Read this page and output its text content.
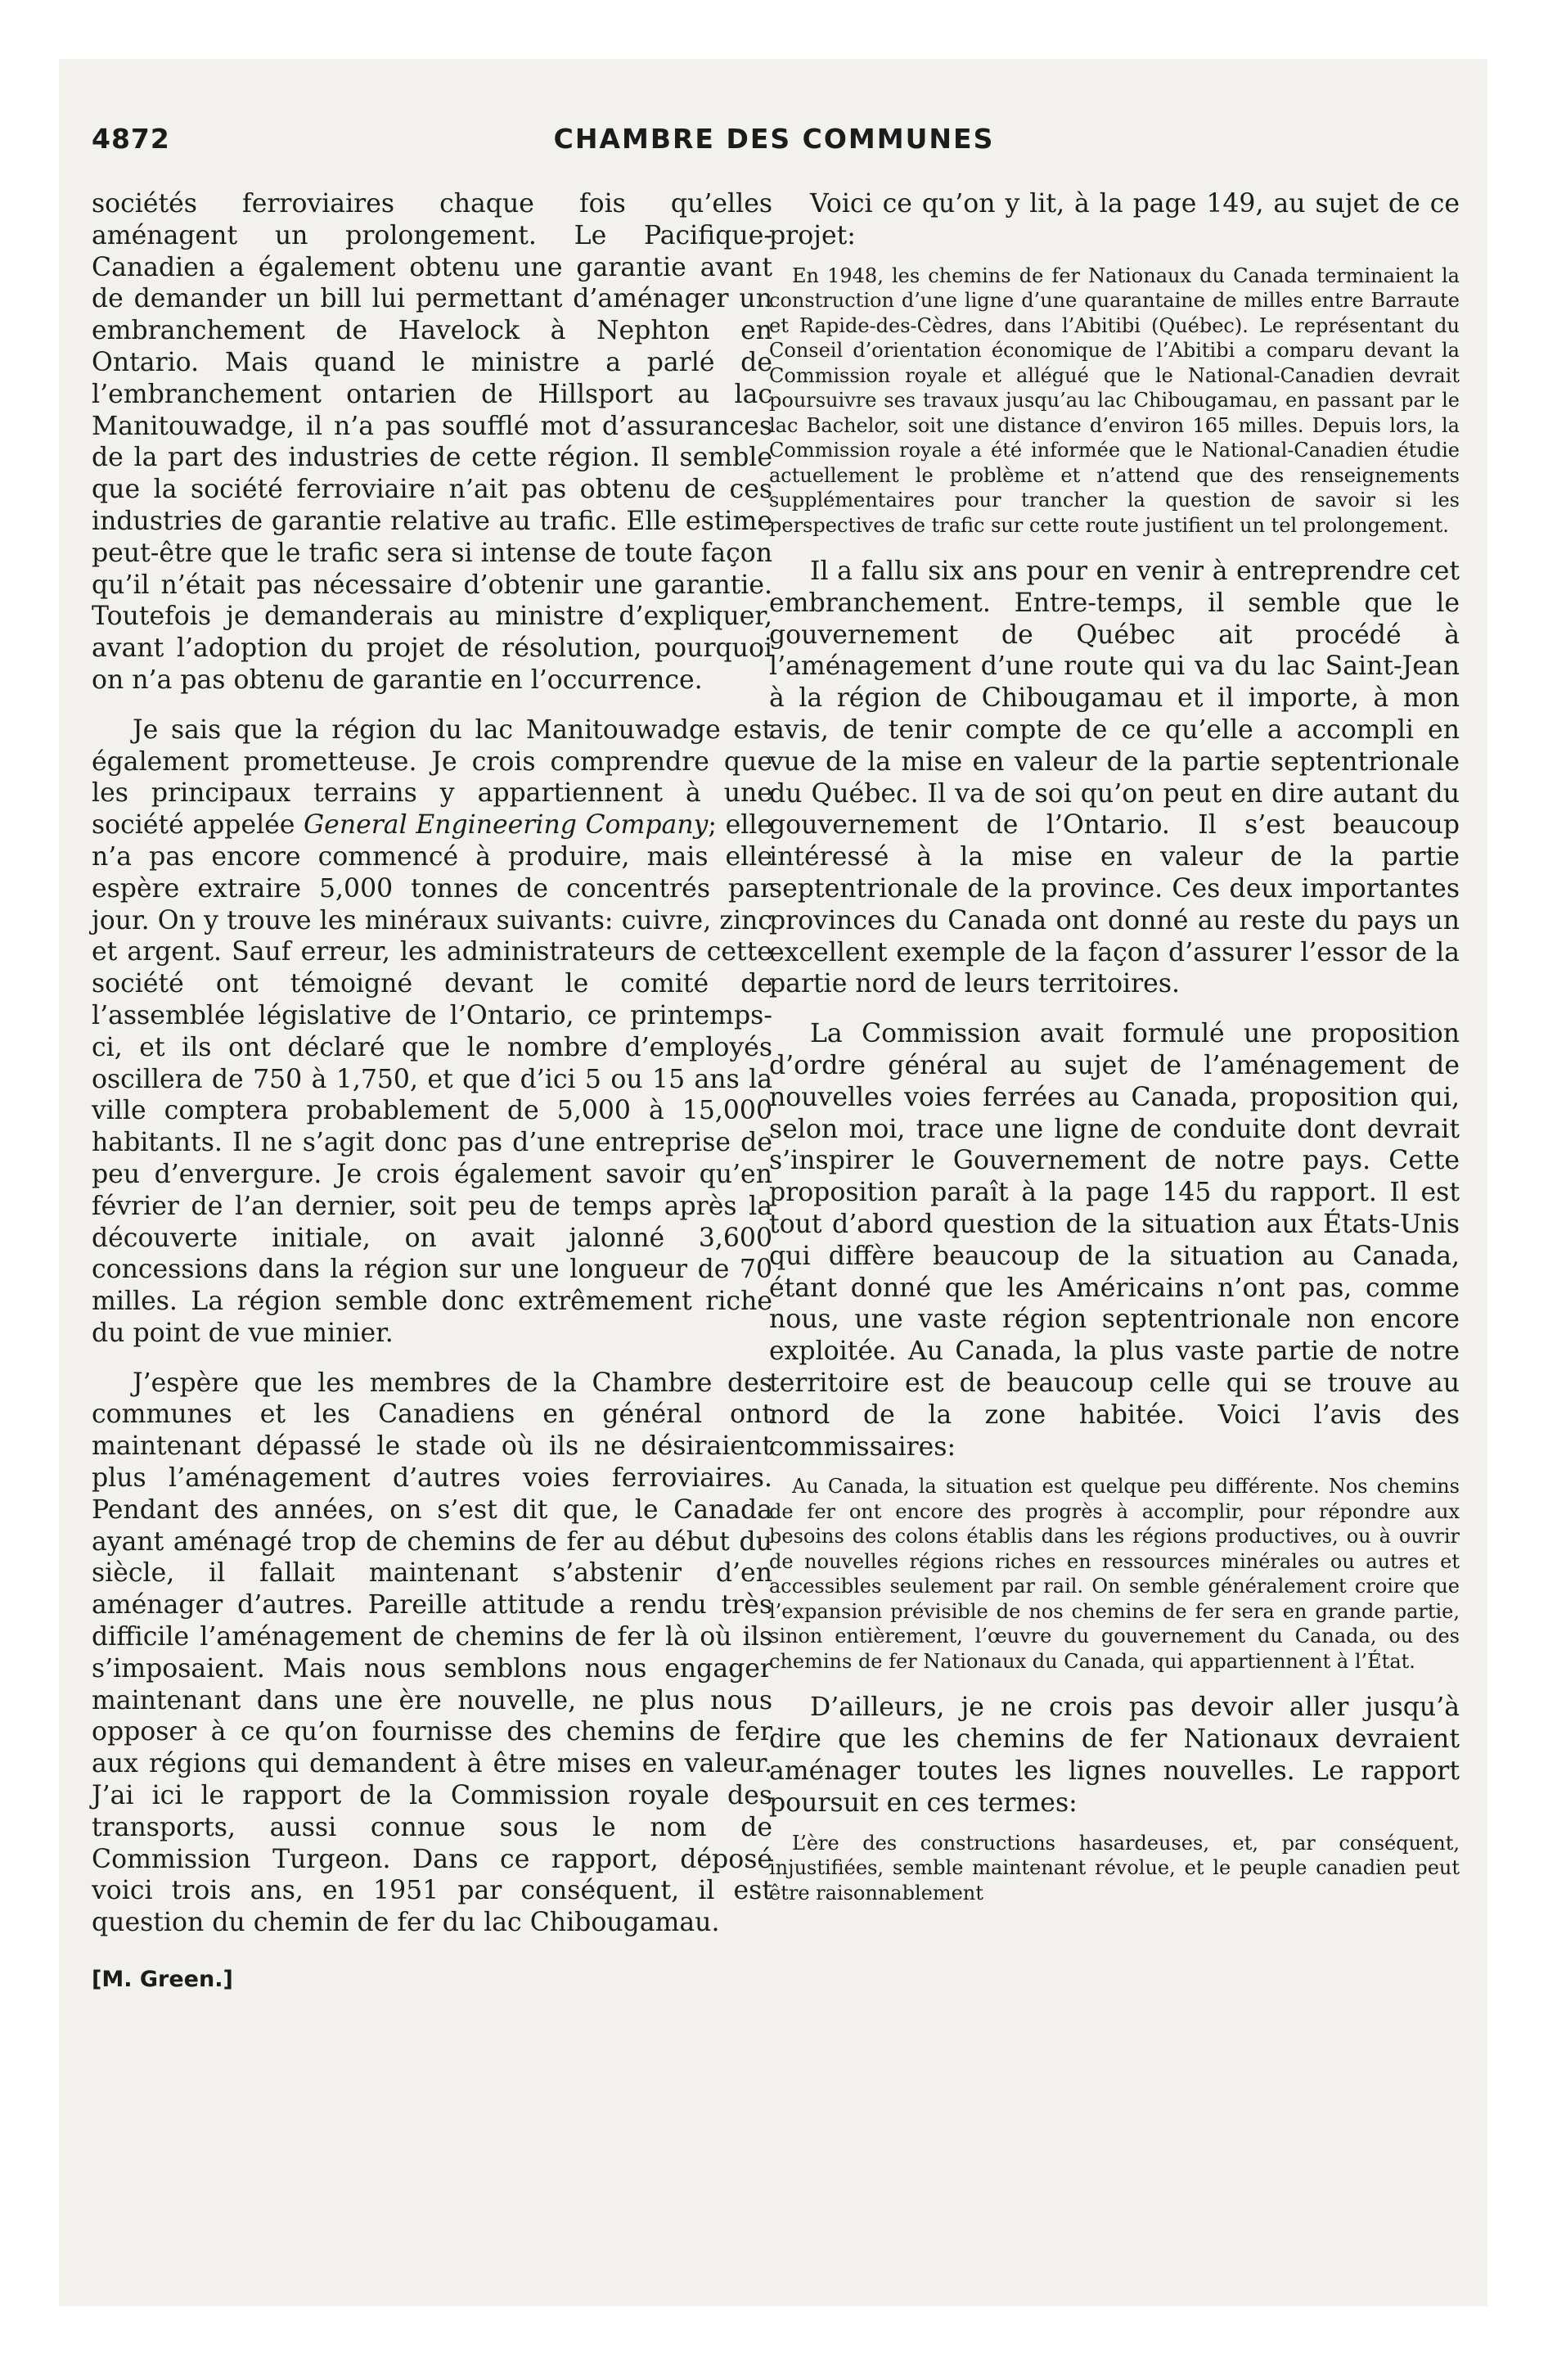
4872	CHAMBRE DES COMMUNES

sociétés ferroviaires chaque fois qu’elles aménagent un prolongement. Le Pacifique-Canadien a également obtenu une garantie avant de demander un bill lui permettant d’aménager un embranchement de Havelock à Nephton en Ontario. Mais quand le ministre a parlé de l’embranchement ontarien de Hillsport au lac Manitouwadge, il n’a pas soufflé mot d’assurances de la part des industries de cette région. Il semble que la société ferroviaire n’ait pas obtenu de ces industries de garantie relative au trafic. Elle estime peut-être que le trafic sera si intense de toute façon qu’il n’était pas nécessaire d’obtenir une garantie. Toutefois je demanderais au ministre d’expliquer, avant l’adoption du projet de résolution, pourquoi on n’a pas obtenu de garantie en l’occurrence.

Je sais que la région du lac Manitouwadge est également prometteuse. Je crois comprendre que les principaux terrains y appartiennent à une société appelée General Engineering Company; elle n’a pas encore commencé à produire, mais elle espère extraire 5,000 tonnes de concentrés par jour. On y trouve les minéraux suivants: cuivre, zinc et argent. Sauf erreur, les administrateurs de cette société ont témoigné devant le comité de l’assemblée législative de l’Ontario, ce printemps-ci, et ils ont déclaré que le nombre d’employés oscillera de 750 à 1,750, et que d’ici 5 ou 15 ans la ville comptera probablement de 5,000 à 15,000 habitants. Il ne s’agit donc pas d’une entreprise de peu d’envergure. Je crois également savoir qu’en février de l’an dernier, soit peu de temps après la découverte initiale, on avait jalonné 3,600 concessions dans la région sur une longueur de 70 milles. La région semble donc extrêmement riche du point de vue minier.

J’espère que les membres de la Chambre des communes et les Canadiens en général ont maintenant dépassé le stade où ils ne désiraient plus l’aménagement d’autres voies ferroviaires. Pendant des années, on s’est dit que, le Canada ayant aménagé trop de chemins de fer au début du siècle, il fallait maintenant s’abstenir d’en aménager d’autres. Pareille attitude a rendu très difficile l’aménagement de chemins de fer là où ils s’imposaient. Mais nous semblons nous engager maintenant dans une ère nouvelle, ne plus nous opposer à ce qu’on fournisse des chemins de fer aux régions qui demandent à être mises en valeur. J’ai ici le rapport de la Commission royale des transports, aussi connue sous le nom de Commission Turgeon. Dans ce rapport, déposé voici trois ans, en 1951 par conséquent, il est question du chemin de fer du lac Chibougamau.

[M. Green.]

Voici ce qu’on y lit, à la page 149, au sujet de ce projet:

En 1948, les chemins de fer Nationaux du Canada terminaient la construction d’une ligne d’une quarantaine de milles entre Barraute et Rapide-des-Cèdres, dans l’Abitibi (Québec). Le représentant du Conseil d’orientation économique de l’Abitibi a comparu devant la Commission royale et allégué que le National-Canadien devrait poursuivre ses travaux jusqu’au lac Chibougamau, en passant par le lac Bachelor, soit une distance d’environ 165 milles. Depuis lors, la Commission royale a été informée que le National-Canadien étudie actuellement le problème et n’attend que des renseignements supplémentaires pour trancher la question de savoir si les perspectives de trafic sur cette route justifient un tel prolongement.

Il a fallu six ans pour en venir à entreprendre cet embranchement. Entre-temps, il semble que le gouvernement de Québec ait procédé à l’aménagement d’une route qui va du lac Saint-Jean à la région de Chibougamau et il importe, à mon avis, de tenir compte de ce qu’elle a accompli en vue de la mise en valeur de la partie septentrionale du Québec. Il va de soi qu’on peut en dire autant du gouvernement de l’Ontario. Il s’est beaucoup intéressé à la mise en valeur de la partie septentrionale de la province. Ces deux importantes provinces du Canada ont donné au reste du pays un excellent exemple de la façon d’assurer l’essor de la partie nord de leurs territoires.

La Commission avait formulé une proposition d’ordre général au sujet de l’aménagement de nouvelles voies ferrées au Canada, proposition qui, selon moi, trace une ligne de conduite dont devrait s’inspirer le Gouvernement de notre pays. Cette proposition paraît à la page 145 du rapport. Il est tout d’abord question de la situation aux États-Unis qui diffère beaucoup de la situation au Canada, étant donné que les Américains n’ont pas, comme nous, une vaste région septentrionale non encore exploitée. Au Canada, la plus vaste partie de notre territoire est de beaucoup celle qui se trouve au nord de la zone habitée. Voici l’avis des commissaires:

Au Canada, la situation est quelque peu différente. Nos chemins de fer ont encore des progrès à accomplir, pour répondre aux besoins des colons établis dans les régions productives, ou à ouvrir de nouvelles régions riches en ressources minérales ou autres et accessibles seulement par rail. On semble généralement croire que l’expansion prévisible de nos chemins de fer sera en grande partie, sinon entièrement, l’œuvre du gouvernement du Canada, ou des chemins de fer Nationaux du Canada, qui appartiennent à l’État.

D’ailleurs, je ne crois pas devoir aller jusqu’à dire que les chemins de fer Nationaux devraient aménager toutes les lignes nouvelles. Le rapport poursuit en ces termes:

L’ère des constructions hasardeuses, et, par conséquent, injustifiées, semble maintenant révolue, et le peuple canadien peut être raisonnablement
